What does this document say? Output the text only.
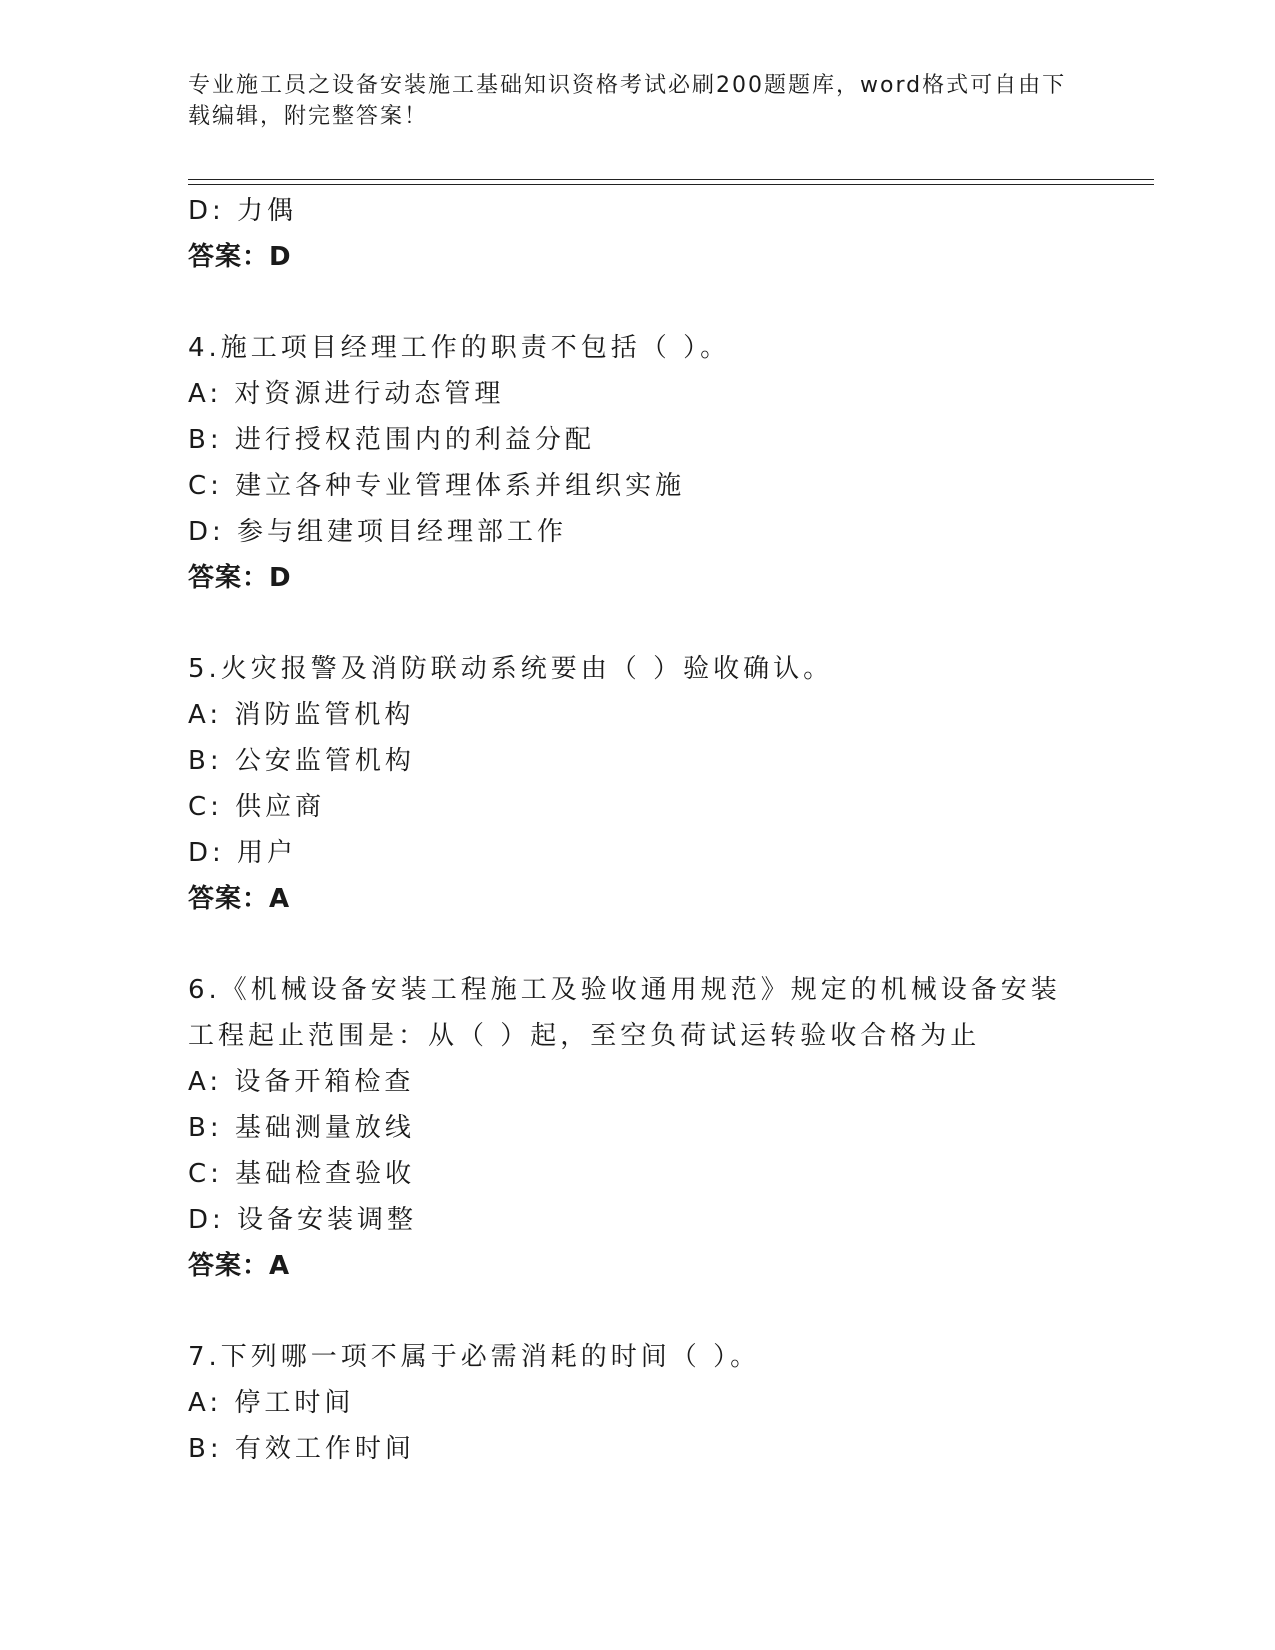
专业施工员之设备安装施工基础知识资格考试必刷200题题库，word格式可自由下载编辑，附完整答案！
D: 力偶
答案：D
4.施工项目经理工作的职责不包括（ ）。
A: 对资源进行动态管理
B: 进行授权范围内的利益分配
C: 建立各种专业管理体系并组织实施
D: 参与组建项目经理部工作
答案：D
5.火灾报警及消防联动系统要由（ ）验收确认。
A: 消防监管机构
B: 公安监管机构
C: 供应商
D: 用户
答案：A
6.《机械设备安装工程施工及验收通用规范》规定的机械设备安装工程起止范围是：从（ ）起，至空负荷试运转验收合格为止
A: 设备开箱检查
B: 基础测量放线
C: 基础检查验收
D: 设备安装调整
答案：A
7.下列哪一项不属于必需消耗的时间（ ）。
A: 停工时间
B: 有效工作时间
